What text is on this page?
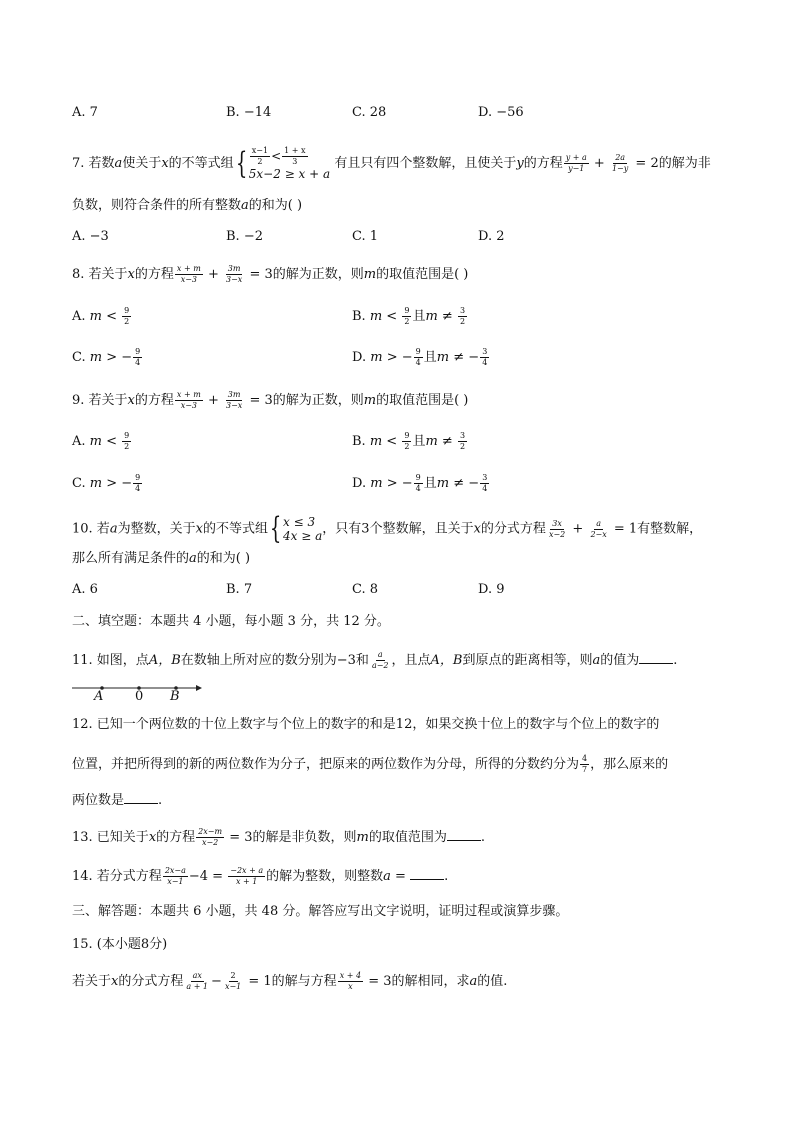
A. 7	B. −14	C. 28	D. −56
7. 若数a使关于x的不等式组 { $\frac{x-1}{2} < \frac{1 + x}{3}$
5x−2 ≥ x + a
有且只有四个整数解，且使关于y的方程 $\frac{y + a}{y-1} + \frac{2a}{1-y} = 2$的解为非
负数，则符合条件的所有整数a的和为( )
A. −3	B. −2	C. 1	D. 2
8. 若关于x的方程 $\frac{x + m}{x-3} + \frac{3m}{3-x} = 3$的解为正数，则m的取值范围是( )
A. $m < \frac{9}{2}$	B. $m < \frac{9}{2}$ 且$m \ne \frac{3}{2}$
C. m > − $\frac{9}{4}$	D. m > − $\frac{9}{4}$ 且m ≠ − $\frac{3}{4}$
9. 若关于x的方程 $\frac{x + m}{x-3} + \frac{3m}{3-x} = 3$的解为正数，则m的取值范围是( )
A. $m < \frac{9}{2}$	B. $m < \frac{9}{2}$ 且$m \ne \frac{3}{2}$
C. m > − $\frac{9}{4}$	D. m > − $\frac{9}{4}$ 且m ≠ − $\frac{3}{4}$
10. 若a为整数，关于x的不等式组 { x ≤ 3
4x ≥ a ，只有3个整数解，且关于x的分式方程 $\frac{3x}{x-2} + \frac{a}{2-x} = 1$有整数解，
那么所有满足条件的a的和为( )
A. 6	B. 7	C. 8	D. 9
二、填空题：本题共 4 小题，每小题 3 分，共 12 分。
11. 如图，点A，B在数轴上所对应的数分别为−3和 $\frac{a}{a-2}$ ，且点A，B到原点的距离相等，则a的值为	.
A 0 B
12. 已知一个两位数的十位上数字与个位上的数字的和是12，如果交换十位上的数字与个位上的数字的
位置，并把所得到的新的两位数作为分子，把原来的两位数作为分母，所得的分数约分为 $\frac{4}{7}$ ，那么原来的
两位数是	.
13. 已知关于x的方程 $\frac{2x-m}{x-2} = 3$的解是非负数，则m的取值范围为	.
14. 若分式方程 $\frac{2x-a}{x-1} -4 = \frac{-2x + a}{x + 1}$ 的解为整数，则整数a =	.
三、解答题：本题共 6 小题，共 48 分。解答应写出文字说明，证明过程或演算步骤。
15. (本小题8分)
若关于x的分式方程 $\frac{ax}{a + 1} - \frac{2}{x-1} = 1$的解与方程 $\frac{x + 4}{x} = 3$的解相同，求a的值.
